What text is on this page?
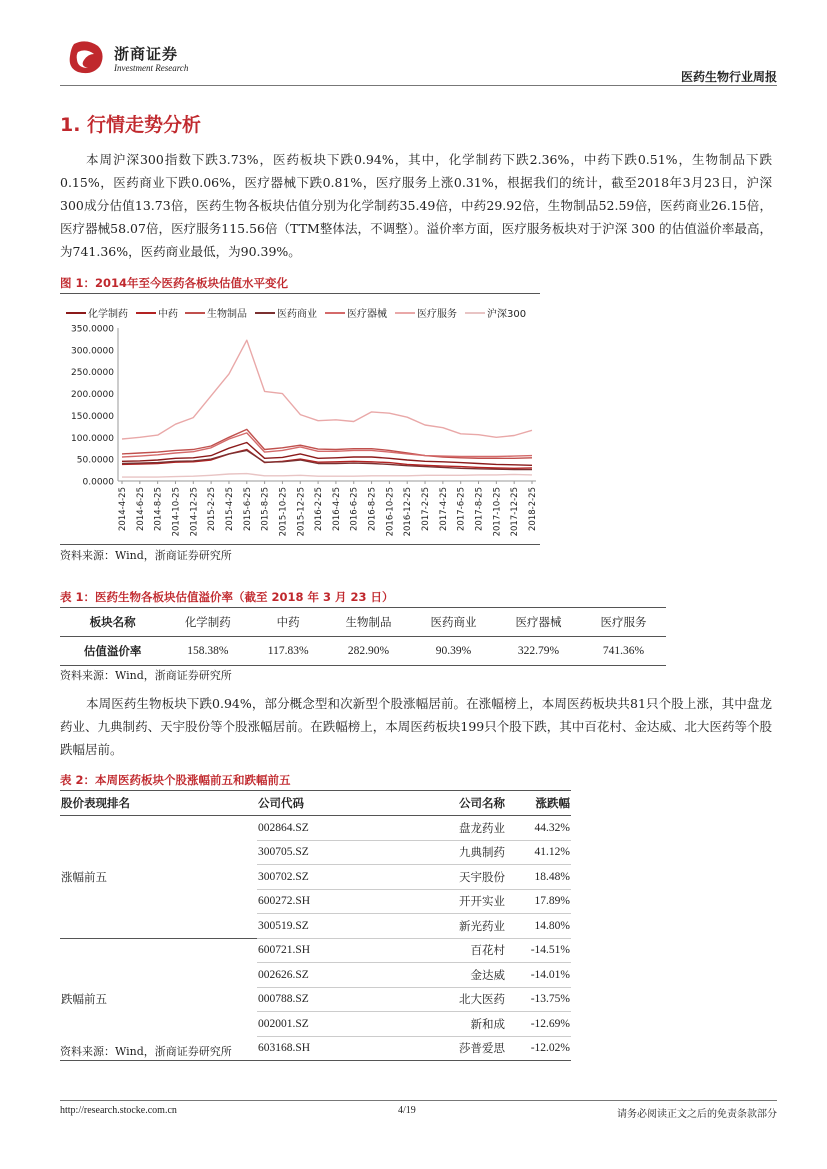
浙商证券
Investment Research
医药生物行业周报
1. 行情走势分析

本周沪深300指数下跌3.73%，医药板块下跌0.94%，其中，化学制药下跌2.36%，中药下跌0.51%，生物制品下跌0.15%，医药商业下跌0.06%，医疗器械下跌0.81%，医疗服务上涨0.31%，根据我们的统计，截至2018年3月23日，沪深300成分估值13.73倍，医药生物各板块估值分别为化学制药35.49倍，中药29.92倍，生物制品52.59倍，医药商业26.15倍，医疗器械58.07倍，医疗服务115.56倍（TTM整体法，不调整）。溢价率方面，医疗服务板块对于沪深 300 的估值溢价率最高，为741.36%，医药商业最低，为90.39%。

图 1：2014年至今医药各板块估值水平变化
化学制药	中药	生物制品	医药商业	医疗器械	医疗服务	沪深300
350.0000
300.0000
250.0000
200.0000
150.0000
100.0000
50.0000
0.0000
2014-4-25 2014-6-25 2014-8-25 2014-10-25 2014-12-25 2015-2-25 2015-4-25 2015-6-25 2015-8-25 2015-10-25 2015-12-25 2016-2-25 2016-4-25 2016-6-25 2016-8-25 2016-10-25 2016-12-25 2017-2-25 2017-4-25 2017-6-25 2017-8-25 2017-10-25 2017-12-25 2018-2-25
资料来源：Wind，浙商证券研究所
表 1：医药生物各板块估值溢价率（截至 2018 年 3 月 23 日）
板块名称	化学制药	中药	生物制品	医药商业	医疗器械	医疗服务
估值溢价率	158.38%	117.83%	282.90%	90.39%	322.79%	741.36%
资料来源：Wind，浙商证券研究所

本周医药生物板块下跌0.94%，部分概念型和次新型个股涨幅居前。在涨幅榜上，本周医药板块共81只个股上涨，其中盘龙药业、九典制药、天宇股份等个股涨幅居前。在跌幅榜上，本周医药板块199只个股下跌，其中百花村、金达威、北大医药等个股跌幅居前。

表 2：本周医药板块个股涨幅前五和跌幅前五
股价表现排名	公司代码	公司名称	涨跌幅
涨幅前五	002864.SZ	盘龙药业	44.32%
	300705.SZ	九典制药	41.12%
	300702.SZ	天宇股份	18.48%
	600272.SH	开开实业	17.89%
	300519.SZ	新光药业	14.80%
跌幅前五	600721.SH	百花村	-14.51%
	002626.SZ	金达威	-14.01%
	000788.SZ	北大医药	-13.75%
	002001.SZ	新和成	-12.69%
	603168.SH	莎普爱思	-12.02%
资料来源：Wind，浙商证券研究所
http://research.stocke.com.cn	4/19	请务必阅读正文之后的免责条款部分
